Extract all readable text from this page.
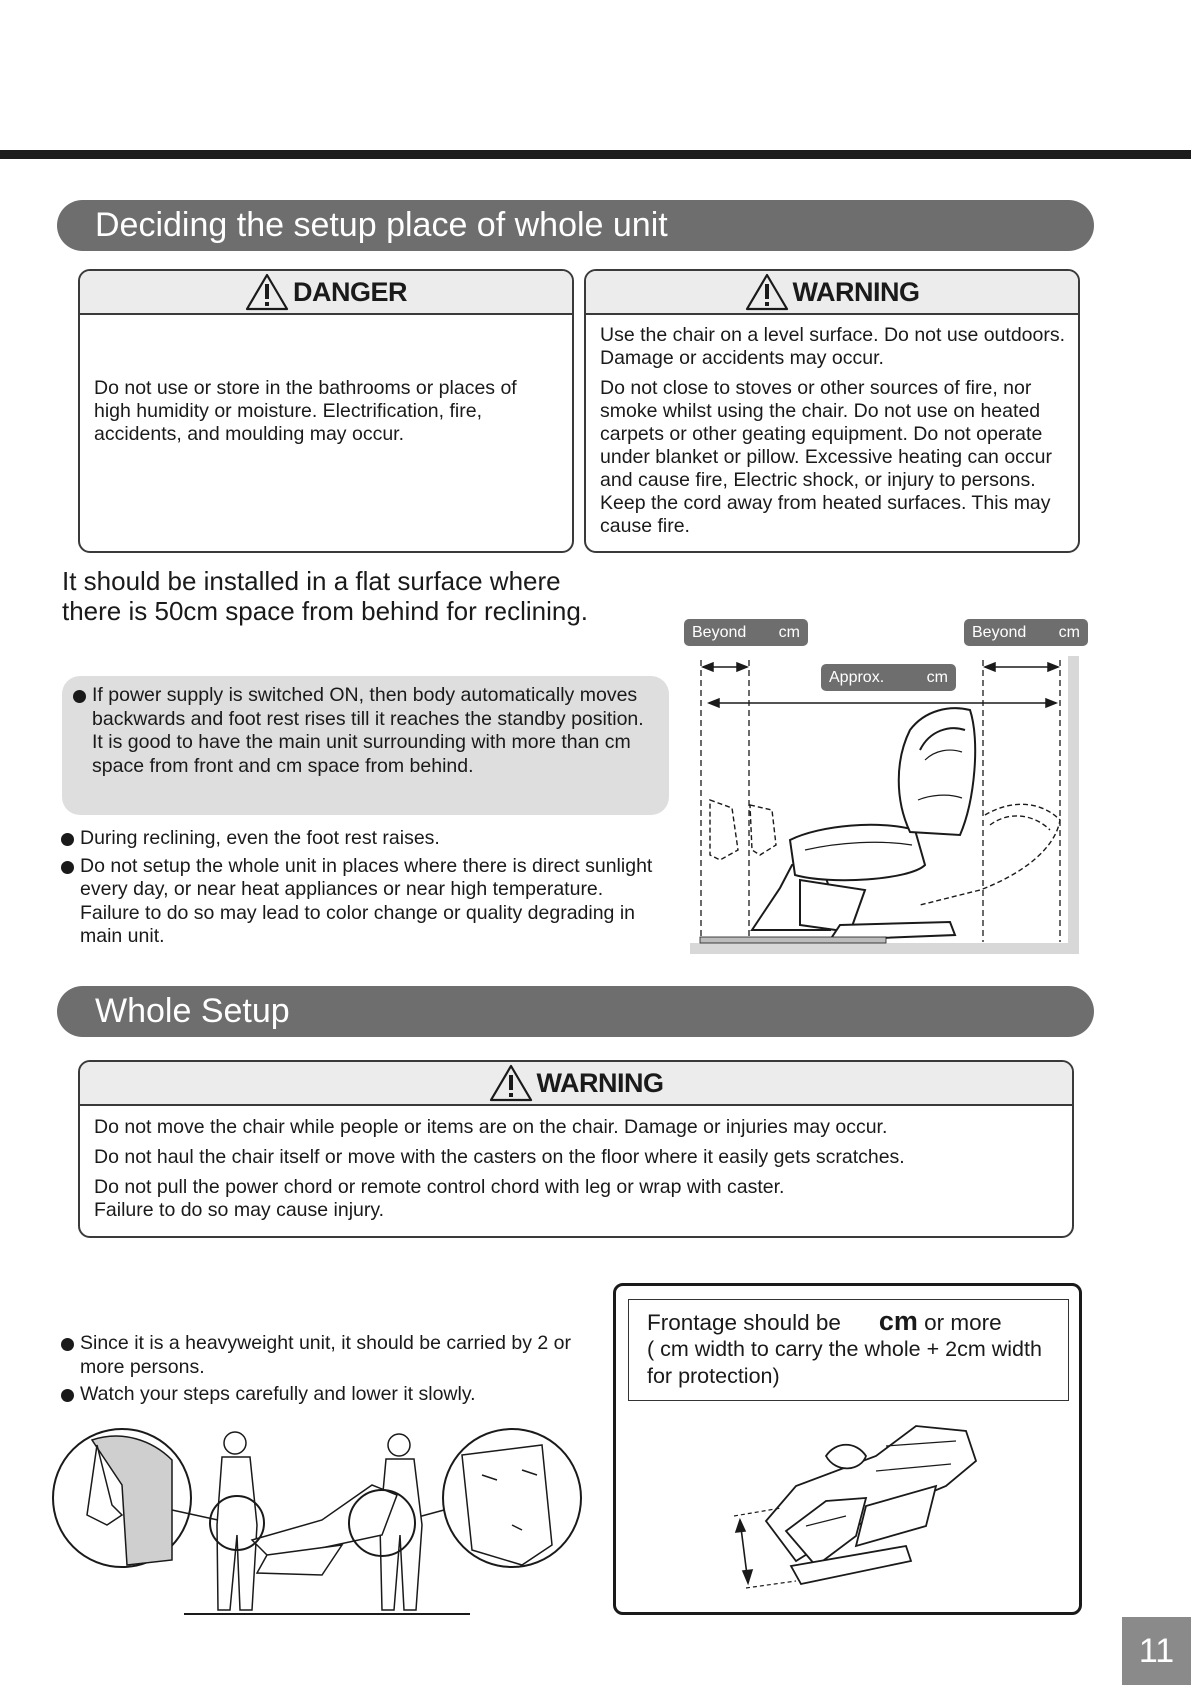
Deciding the setup place of whole unit
DANGER

Do not use or store in the bathrooms or places of high humidity or moisture. Electrification, fire, accidents, and moulding may occur.

WARNING

Use the chair on a level surface. Do not use outdoors. Damage or accidents may occur.

Do not close to stoves or other sources of fire, nor smoke whilst using the chair. Do not use on heated carpets or other geating equipment. Do not operate under blanket or pillow. Excessive heating can occur and cause fire, Electric shock, or injury to persons. Keep the cord away from heated surfaces. This may cause fire.

It should be installed in a flat surface where there is 50cm space from behind for reclining.
If power supply is switched ON, then body automatically moves backwards and foot rest rises till it reaches the standby position. It is good to have the main unit surrounding with more than cm space from front and cm space from behind.
During reclining, even the foot rest raises.
Do not setup the whole unit in places where there is direct sunlight every day, or near heat appliances or near high temperature. Failure to do so may lead to color change or quality degrading in main unit.
Beyond cm	Beyond cm
Approx.	cm
Whole Setup
WARNING

Do not move the chair while people or items are on the chair. Damage or injuries may occur.

Do not haul the chair itself or move with the casters on the floor where it easily gets scratches.

Do not pull the power chord or remote control chord with leg or wrap with caster.

Failure to do so may cause injury.

Since it is a heavyweight unit, it should be carried by 2 or more persons.
Watch your steps carefully and lower it slowly.
Frontage should be cm or more
( cm width to carry the whole + 2cm width for protection)
11
